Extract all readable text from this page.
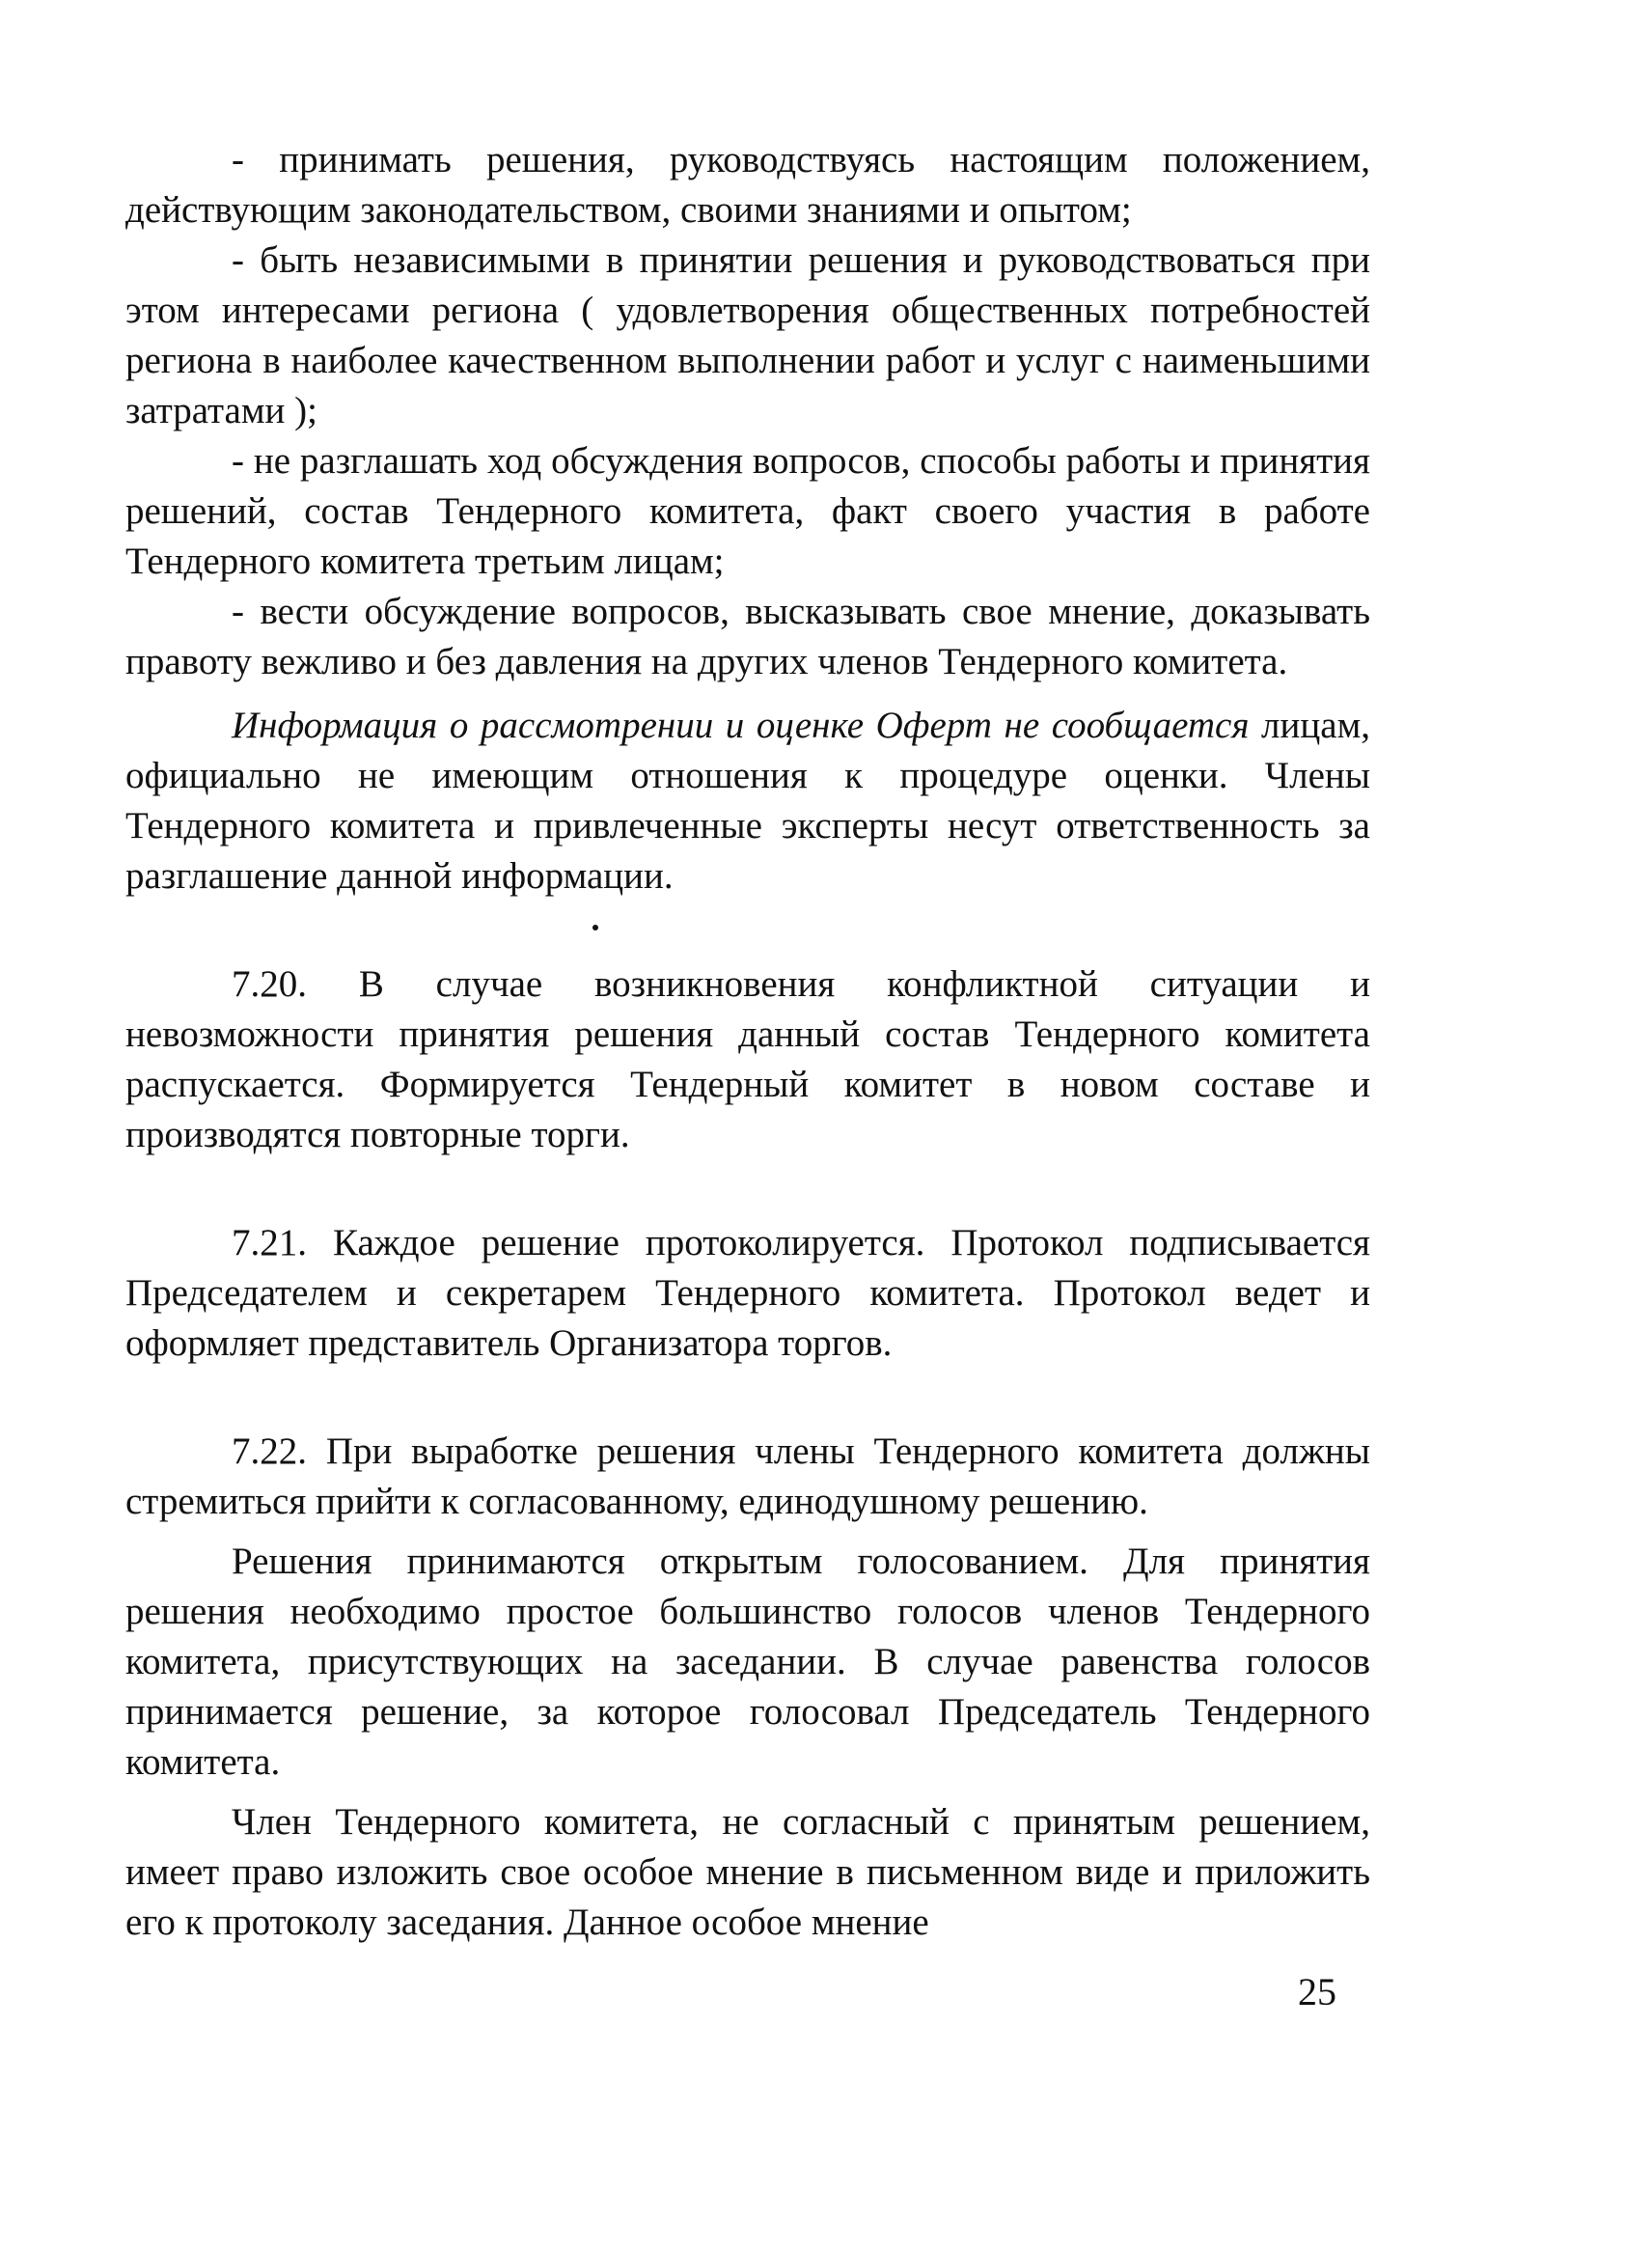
- принимать решения, руководствуясь настоящим положением, действующим законодательством, своими знаниями и опытом;

- быть независимыми в принятии решения и руководствоваться при этом интересами региона ( удовлетворения общественных потребностей региона в наиболее качественном выполнении работ и услуг с наименьшими затратами );

- не разглашать ход обсуждения вопросов, способы работы и принятия решений, состав Тендерного комитета, факт своего участия в работе Тендерного комитета третьим лицам;

- вести обсуждение вопросов, высказывать свое мнение, доказывать правоту вежливо и без давления на других членов Тендерного комитета.

Информация о рассмотрении и оценке Оферт не сообщается лицам, официально не имеющим отношения к процедуре оценки. Члены Тендерного комитета и привлеченные эксперты несут ответственность за разглашение данной информации.

7.20. В случае возникновения конфликтной ситуации и невозможности принятия решения данный состав Тендерного комитета распускается. Формируется Тендерный комитет в новом составе и производятся повторные торги.

7.21. Каждое решение протоколируется. Протокол подписывается Председателем и секретарем Тендерного комитета. Протокол ведет и оформляет представитель Организатора торгов.

7.22. При выработке решения члены Тендерного комитета должны стремиться прийти к согласованному, единодушному решению.

Решения принимаются открытым голосованием. Для принятия решения необходимо простое большинство голосов членов Тендерного комитета, присутствующих на заседании. В случае равенства голосов принимается решение, за которое голосовал Председатель Тендерного комитета.

Член Тендерного комитета, не согласный с принятым решением, имеет право изложить свое особое мнение в письменном виде и приложить его к протоколу заседания. Данное особое мнение

25
